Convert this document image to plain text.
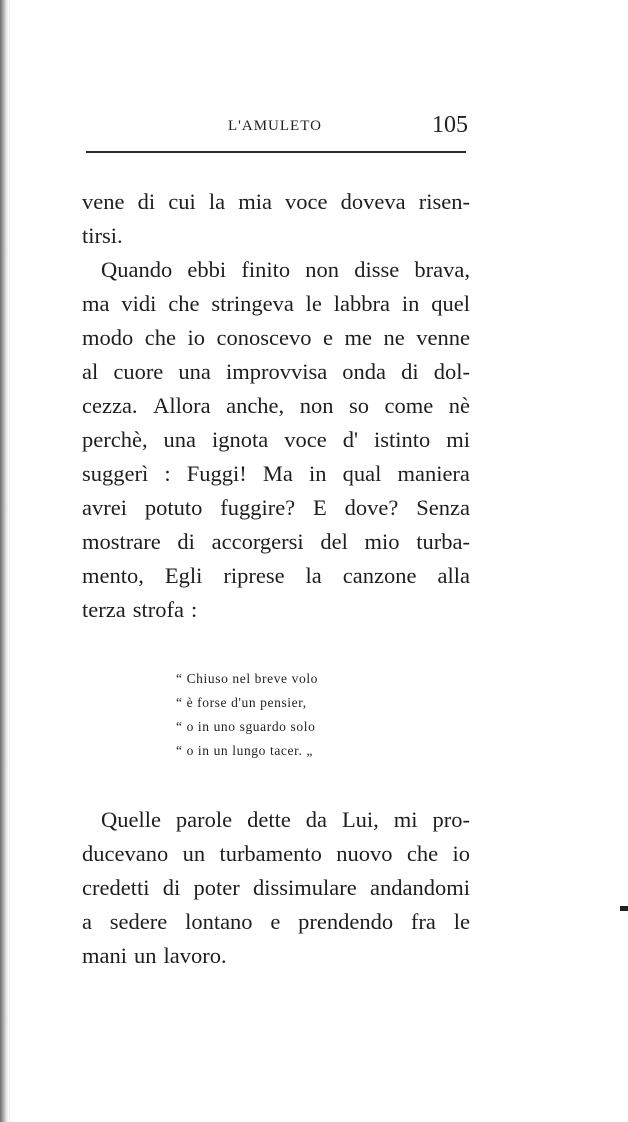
L'AMULETO	105
vene di cui la mia voce doveva risen-
tirsi.
Quando ebbi finito non disse brava,
ma vidi che stringeva le labbra in quel
modo che io conoscevo e me ne venne
al cuore una improvvisa onda di dol-
cezza. Allora anche, non so come nè
perchè, una ignota voce d' istinto mi
suggerì : Fuggi! Ma in qual maniera
avrei potuto fuggire? E dove? Senza
mostrare di accorgersi del mio turba-
mento, Egli riprese la canzone alla
terza strofa :
“ Chiuso nel breve volo
“ è forse d'un pensier,
“ o in uno sguardo solo
“ o in un lungo tacer. „
Quelle parole dette da Lui, mi pro-
ducevano un turbamento nuovo che io
credetti di poter dissimulare andandomi
a sedere lontano e prendendo fra le
mani un lavoro.
